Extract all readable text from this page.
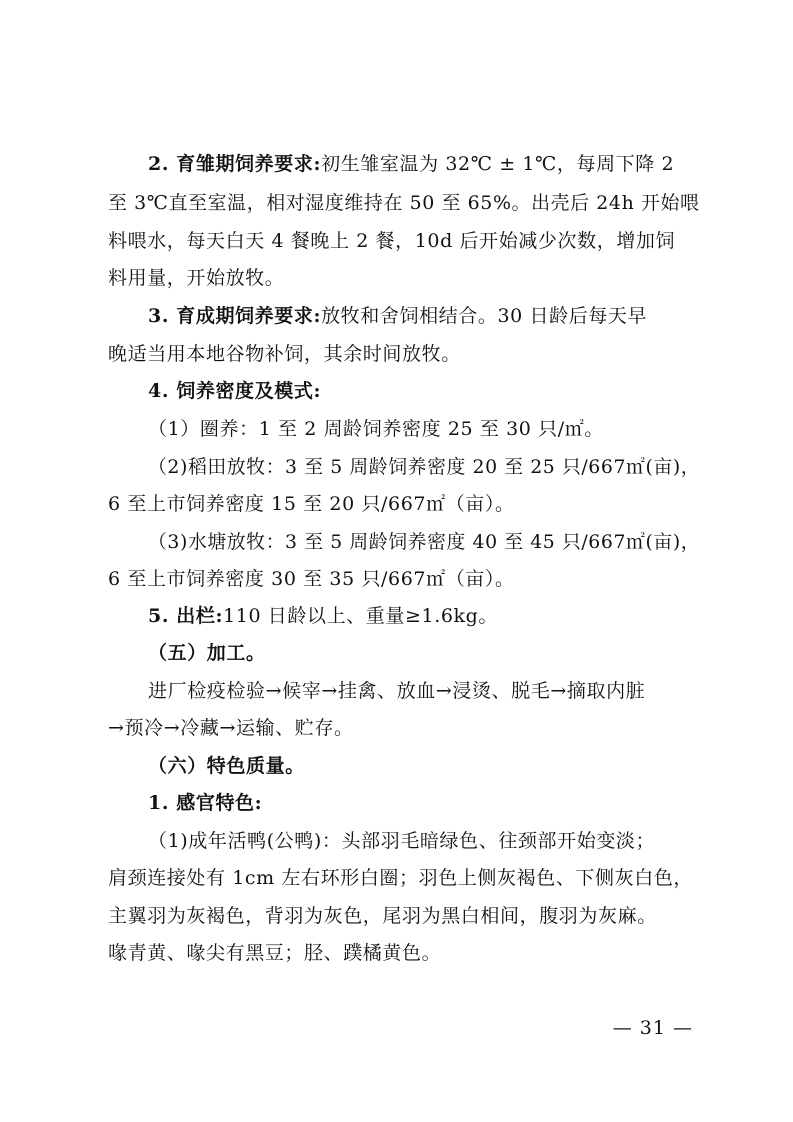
2. 育雏期饲养要求:初生雏室温为 32℃ ± 1℃，每周下降 2
至 3℃直至室温，相对湿度维持在 50 至 65%。出壳后 24h 开始喂
料喂水，每天白天 4 餐晚上 2 餐，10d 后开始减少次数，增加饲
料用量，开始放牧。
3. 育成期饲养要求:放牧和舍饲相结合。30 日龄后每天早
晚适当用本地谷物补饲，其余时间放牧。
4. 饲养密度及模式:
（1）圈养：1 至 2 周龄饲养密度 25 至 30 只/㎡。
（2)稻田放牧：3 至 5 周龄饲养密度 20 至 25 只/667㎡(亩)，
6 至上市饲养密度 15 至 20 只/667㎡（亩）。
（3)水塘放牧：3 至 5 周龄饲养密度 40 至 45 只/667㎡(亩)，
6 至上市饲养密度 30 至 35 只/667㎡（亩）。
5. 出栏:110 日龄以上、重量≥1.6kg。
（五）加工。
进厂检疫检验→候宰→挂禽、放血→浸烫、脱毛→摘取内脏
→预冷→冷藏→运输、贮存。
（六）特色质量。
1. 感官特色:
（1)成年活鸭(公鸭)：头部羽毛暗绿色、往颈部开始变淡；
肩颈连接处有 1cm 左右环形白圈；羽色上侧灰褐色、下侧灰白色，
主翼羽为灰褐色，背羽为灰色，尾羽为黑白相间，腹羽为灰麻。
喙青黄、喙尖有黑豆；胫、蹼橘黄色。
— 31 —
